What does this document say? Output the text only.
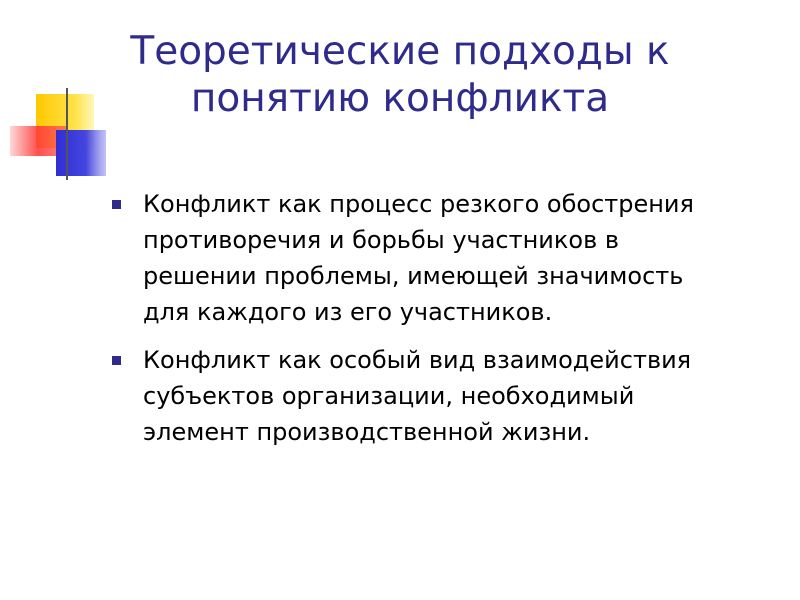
Теоретические подходы к
понятию конфликта
Конфликт как процесс резкого обострения
противоречия и борьбы участников в
решении проблемы, имеющей значимость
для каждого из его участников.
Конфликт как особый вид взаимодействия
субъектов организации, необходимый
элемент производственной жизни.
